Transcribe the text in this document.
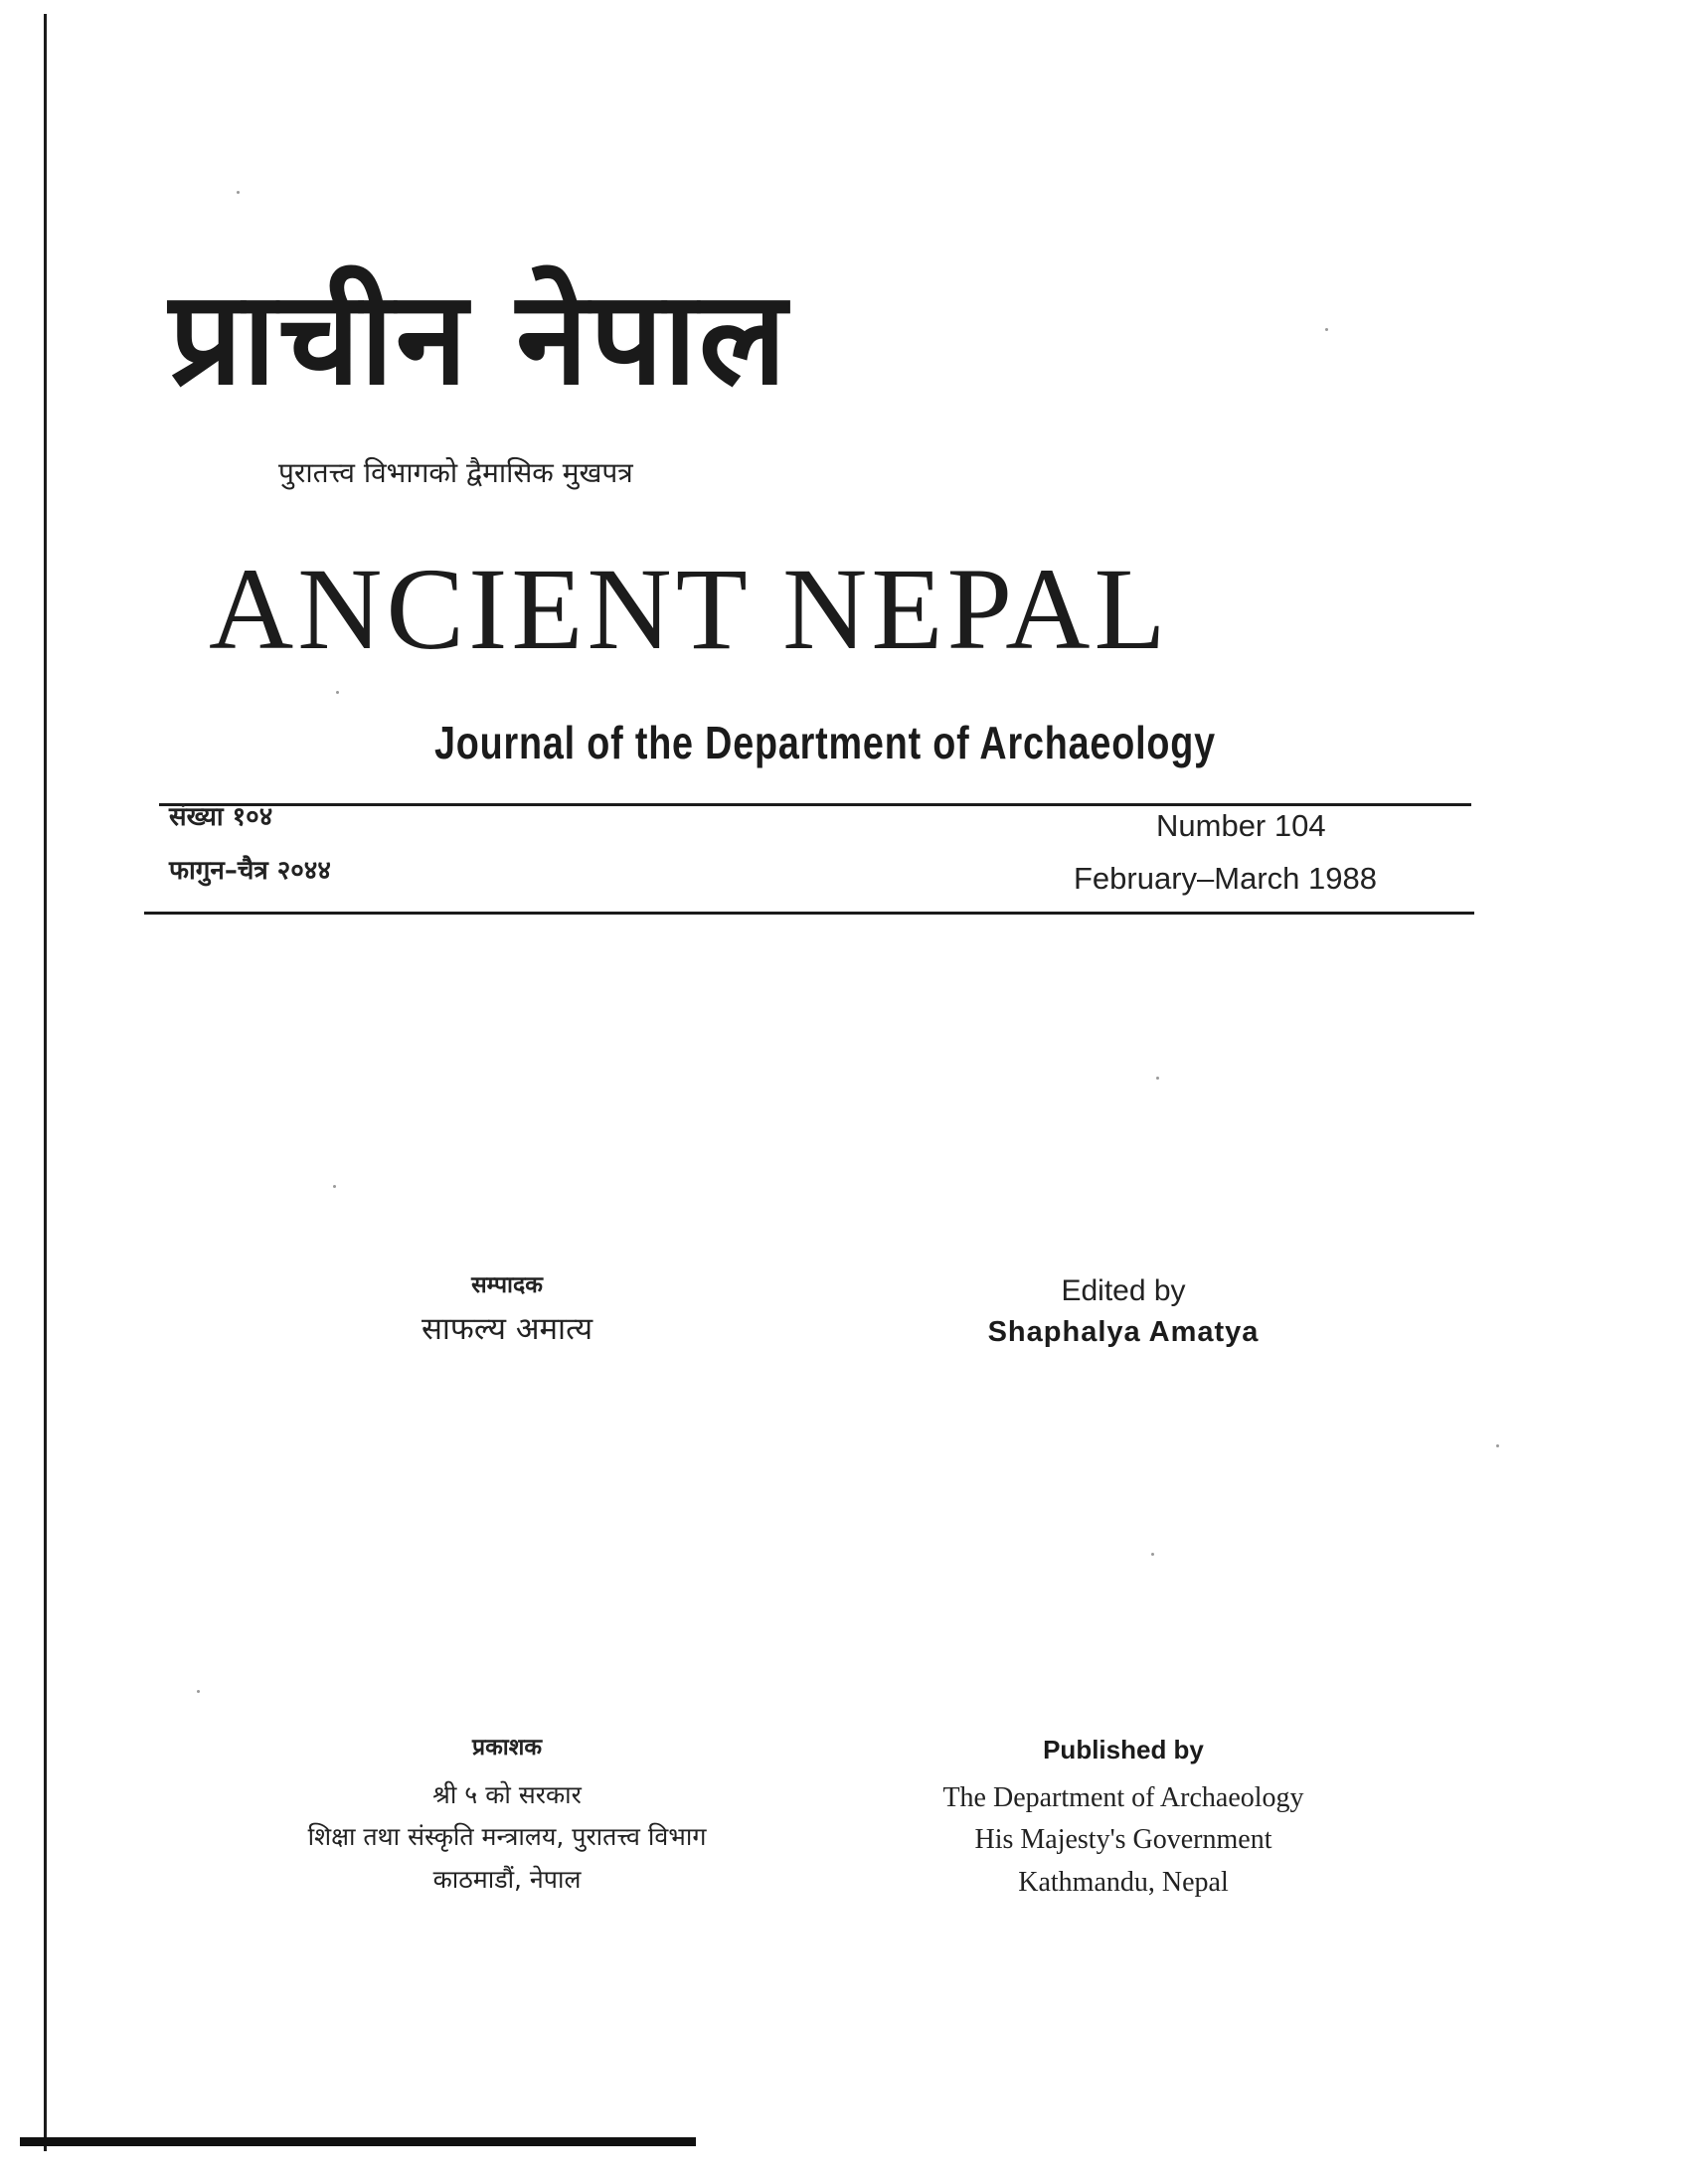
प्राचीन नेपाल
पुरातत्त्व विभागको द्वैमासिक मुखपत्र
ANCIENT NEPAL
Journal of the Department of Archaeology
संख्या १०४
फागुन–चैत्र २०४४
Number 104
February–March 1988
सम्पादक
साफल्य अमात्य
Edited by
Shaphalya Amatya
प्रकाशक
श्री ५ को सरकार
शिक्षा तथा संस्कृति मन्त्रालय, पुरातत्त्व विभाग
काठमाडौं, नेपाल
Published by
The Department of Archaeology
His Majesty's Government
Kathmandu, Nepal
